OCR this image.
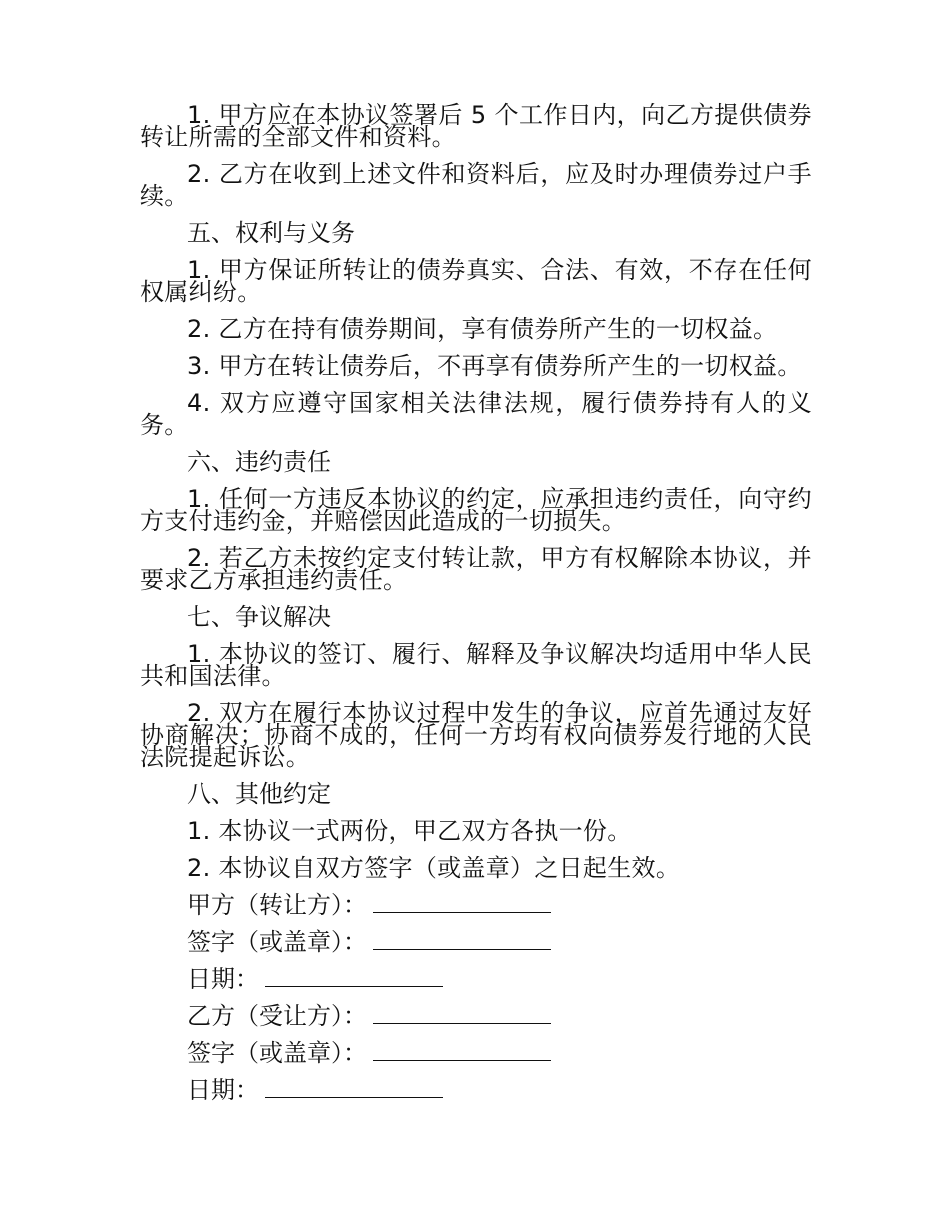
1. 甲方应在本协议签署后 5 个工作日内，向乙方提供债券转让所需的全部文件和资料。

2. 乙方在收到上述文件和资料后，应及时办理债券过户手续。

五、权利与义务

1. 甲方保证所转让的债券真实、合法、有效，不存在任何权属纠纷。

2. 乙方在持有债券期间，享有债券所产生的一切权益。

3. 甲方在转让债券后，不再享有债券所产生的一切权益。

4. 双方应遵守国家相关法律法规，履行债券持有人的义务。

六、违约责任

1. 任何一方违反本协议的约定，应承担违约责任，向守约方支付违约金，并赔偿因此造成的一切损失。

2. 若乙方未按约定支付转让款，甲方有权解除本协议，并要求乙方承担违约责任。

七、争议解决

1. 本协议的签订、履行、解释及争议解决均适用中华人民共和国法律。

2. 双方在履行本协议过程中发生的争议，应首先通过友好协商解决；协商不成的，任何一方均有权向债券发行地的人民法院提起诉讼。

八、其他约定

1. 本协议一式两份，甲乙双方各执一份。

2. 本协议自双方签字（或盖章）之日起生效。

甲方（转让方）：
签字（或盖章）：
日期：
乙方（受让方）：
签字（或盖章）：
日期：
